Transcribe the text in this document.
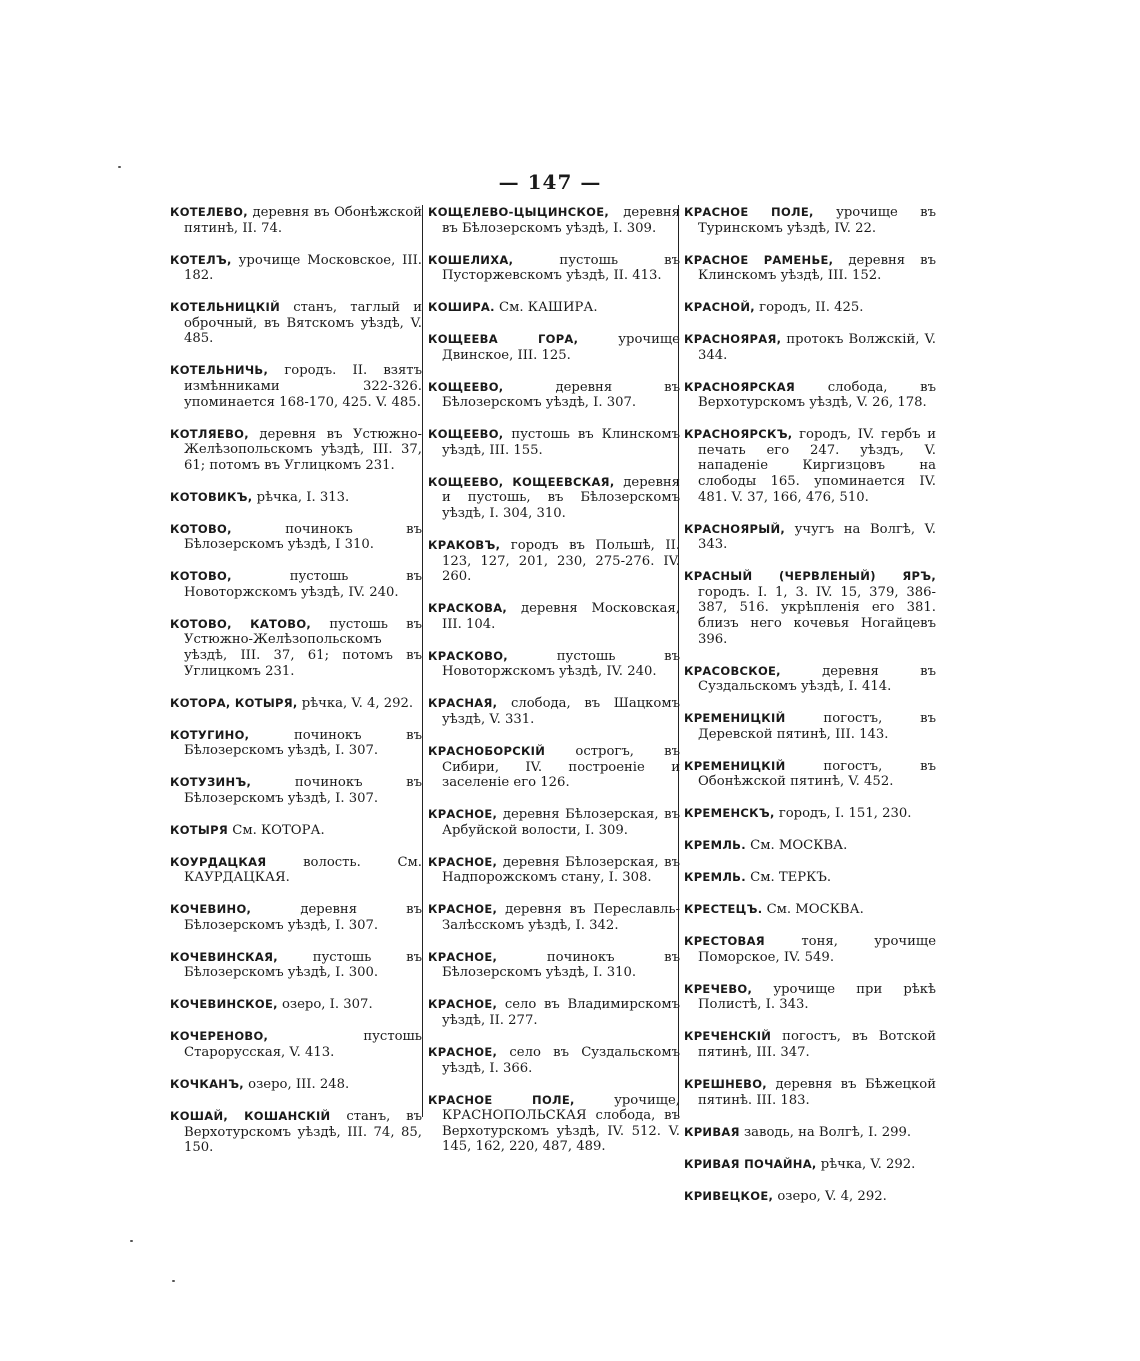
— 147 —
КОТЕЛЕВО, деревня въ Обонѣжской пятинѣ, II. 74.
КОТЕЛЪ, урочище Московское, III. 182.
КОТЕЛЬНИЦКІЙ станъ, таглый и оброчный, въ Вятскомъ уѣздѣ, V. 485.
КОТЕЛЬНИЧЬ, городъ. II. взятъ измѣнниками 322-326. упоминается 168-170, 425. V. 485.
КОТЛЯЕВО, деревня въ Устюжно-Желѣзопольскомъ уѣздѣ, III. 37, 61; потомъ въ Углицкомъ 231.
КОТОВИКЪ, рѣчка, I. 313.
КОТОВО, починокъ въ Бѣлозерскомъ уѣздѣ, I 310.
КОТОВО, пустошь въ Новоторжскомъ уѣздѣ, IV. 240.
КОТОВО, КАТОВО, пустошь въ Устюжно-Желѣзопольскомъ уѣздѣ, III. 37, 61; потомъ въ Углицкомъ 231.
КОТОРА, КОТЫРЯ, рѣчка, V. 4, 292.
КОТУГИНО, починокъ въ Бѣлозерскомъ уѣздѣ, I. 307.
КОТУЗИНЪ, починокъ въ Бѣлозерскомъ уѣздѣ, I. 307.
КОТЫРЯ См. КОТОРА.
КОУРДАЦКАЯ волость. См. КАУРДАЦКАЯ.
КОЧЕВИНО, деревня въ Бѣлозерскомъ уѣздѣ, I. 307.
КОЧЕВИНСКАЯ, пустошь въ Бѣлозерскомъ уѣздѣ, I. 300.
КОЧЕВИНСКОЕ, озеро, I. 307.
КОЧЕРЕНОВО, пустошь Старорусская, V. 413.
КОЧКАНЪ, озеро, III. 248.
КОШАЙ, КОШАНСКІЙ станъ, въ Верхотурскомъ уѣздѣ, III. 74, 85, 150.
КОЩЕЛЕВО-ЦЫЦИНСКОЕ, деревня въ Бѣлозерскомъ уѣздѣ, I. 309.
КОШЕЛИХА, пустошь въ Пусторжевскомъ уѣздѣ, II. 413.
КОШИРА. См. КАШИРА.
КОЩЕЕВА ГОРА, урочище Двинское, III. 125.
КОЩЕЕВО, деревня въ Бѣлозерскомъ уѣздѣ, I. 307.
КОЩЕЕВО, пустошь въ Клинскомъ уѣздѣ, III. 155.
КОЩЕЕВО, КОЩЕЕВСКАЯ, деревня и пустошь, въ Бѣлозерскомъ уѣздѣ, I. 304, 310.
КРАКОВЪ, городъ въ Польшѣ, II. 123, 127, 201, 230, 275-276. IV. 260.
КРАСКОВА, деревня Московская, III. 104.
КРАСКОВО, пустошь въ Новоторжскомъ уѣздѣ, IV. 240.
КРАСНАЯ, слобода, въ Шацкомъ уѣздѣ, V. 331.
КРАСНОБОРСКІЙ острогъ, въ Сибири, IV. построеніе и заселеніе его 126.
КРАСНОЕ, деревня Бѣлозерская, въ Арбуйской волости, I. 309.
КРАСНОЕ, деревня Бѣлозерская, въ Надпорожскомъ стану, I. 308.
КРАСНОЕ, деревня въ Переславль-Залѣсскомъ уѣздѣ, I. 342.
КРАСНОЕ, починокъ въ Бѣлозерскомъ уѣздѣ, I. 310.
КРАСНОЕ, село въ Владимирскомъ уѣздѣ, II. 277.
КРАСНОЕ, село въ Суздальскомъ уѣздѣ, I. 366.
КРАСНОЕ ПОЛЕ, урочище, КРАСНОПОЛЬСКАЯ слобода, въ Верхотурскомъ уѣздѣ, IV. 512. V. 145, 162, 220, 487, 489.
КРАСНОЕ ПОЛЕ, урочище въ Туринскомъ уѣздѣ, IV. 22.
КРАСНОЕ РАМЕНЬЕ, деревня въ Клинскомъ уѣздѣ, III. 152.
КРАСНОЙ, городъ, II. 425.
КРАСНОЯРАЯ, протокъ Волжскій, V. 344.
КРАСНОЯРСКАЯ слобода, въ Верхотурскомъ уѣздѣ, V. 26, 178.
КРАСНОЯРСКЪ, городъ, IV. гербъ и печать его 247. уѣздъ, V. нападеніе Киргизцовъ на слободы 165. упоминается IV. 481. V. 37, 166, 476, 510.
КРАСНОЯРЫЙ, учугъ на Волгѣ, V. 343.
КРАСНЫЙ (ЧЕРВЛЕНЫЙ) ЯРЪ, городъ. I. 1, 3. IV. 15, 379, 386-387, 516. укрѣпленія его 381. близъ него кочевья Ногайцевъ 396.
КРАСОВСКОЕ, деревня въ Суздальскомъ уѣздѣ, I. 414.
КРЕМЕНИЦКІЙ погостъ, въ Деревской пятинѣ, III. 143.
КРЕМЕНИЦКІЙ погостъ, въ Обонѣжской пятинѣ, V. 452.
КРЕМЕНСКЪ, городъ, I. 151, 230.
КРЕМЛЬ. См. МОСКВА.
КРЕМЛЬ. См. ТЕРКЪ.
КРЕСТЕЦЪ. См. МОСКВА.
КРЕСТОВАЯ тоня, урочище Поморское, IV. 549.
КРЕЧЕВО, урочище при рѣкѣ Полистѣ, I. 343.
КРЕЧЕНСКІЙ погостъ, въ Вотской пятинѣ, III. 347.
КРЕШНЕВО, деревня въ Бѣжецкой пятинѣ. III. 183.
КРИВАЯ заводь, на Волгѣ, I. 299.
КРИВАЯ ПОЧАЙНА, рѣчка, V. 292.
КРИВЕЦКОЕ, озеро, V. 4, 292.
